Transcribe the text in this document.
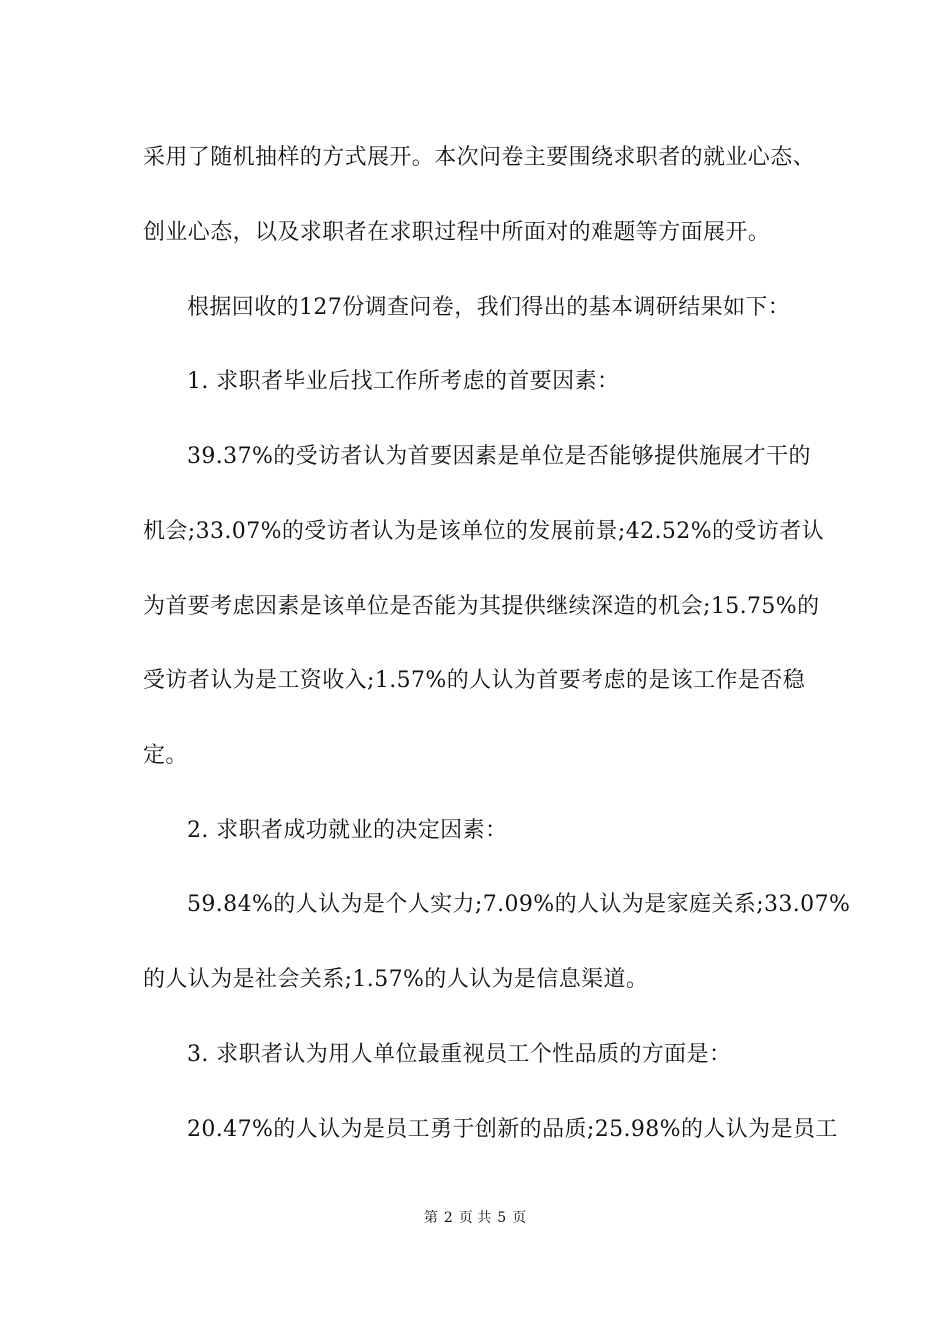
采用了随机抽样的方式展开。本次问卷主要围绕求职者的就业心态、
创业心态，以及求职者在求职过程中所面对的难题等方面展开。
根据回收的127份调查问卷，我们得出的基本调研结果如下：
1. 求职者毕业后找工作所考虑的首要因素：
39.37%的受访者认为首要因素是单位是否能够提供施展才干的
机会;33.07%的受访者认为是该单位的发展前景;42.52%的受访者认
为首要考虑因素是该单位是否能为其提供继续深造的机会;15.75%的
受访者认为是工资收入;1.57%的人认为首要考虑的是该工作是否稳
定。
2. 求职者成功就业的决定因素：
59.84%的人认为是个人实力;7.09%的人认为是家庭关系;33.07%
的人认为是社会关系;1.57%的人认为是信息渠道。
3. 求职者认为用人单位最重视员工个性品质的方面是：
20.47%的人认为是员工勇于创新的品质;25.98%的人认为是员工
第 2 页 共 5 页
